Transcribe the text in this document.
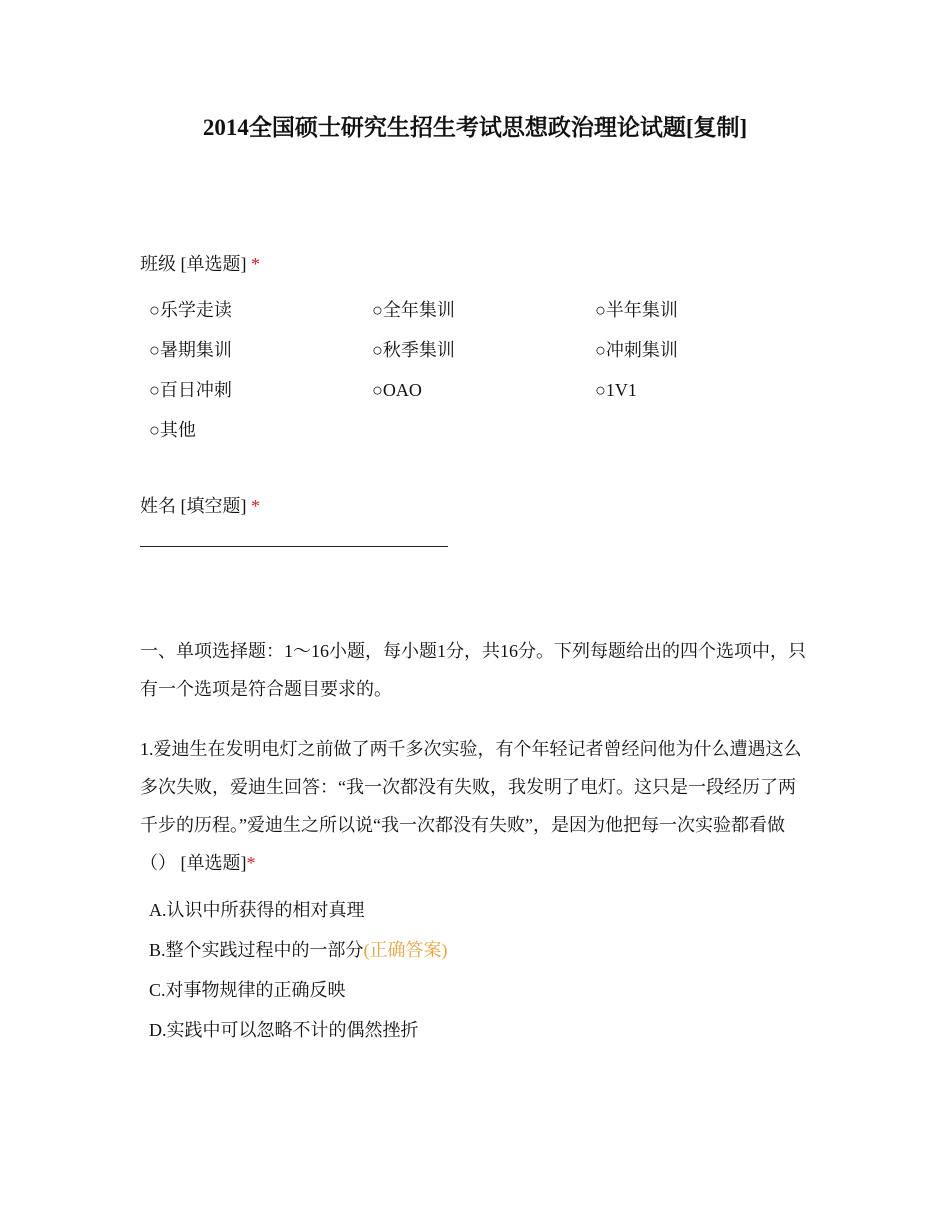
2014全国硕士研究生招生考试思想政治理论试题[复制]
班级 [单选题] *
○乐学走读	○全年集训	○半年集训
○暑期集训	○秋季集训	○冲刺集训
○百日冲刺	○OAO	○1V1
○其他
姓名 [填空题] *
一、单项选择题：1～16小题，每小题1分，共16分。下列每题给出的四个选项中，只有一个选项是符合题目要求的。
1.爱迪生在发明电灯之前做了两千多次实验，有个年轻记者曾经问他为什么遭遇这么多次失败，爱迪生回答：“我一次都没有失败，我发明了电灯。这只是一段经历了两千步的历程。”爱迪生之所以说“我一次都没有失败”，是因为他把每一次实验都看做（） [单选题]*
A.认识中所获得的相对真理
B.整个实践过程中的一部分(正确答案)
C.对事物规律的正确反映
D.实践中可以忽略不计的偶然挫折
